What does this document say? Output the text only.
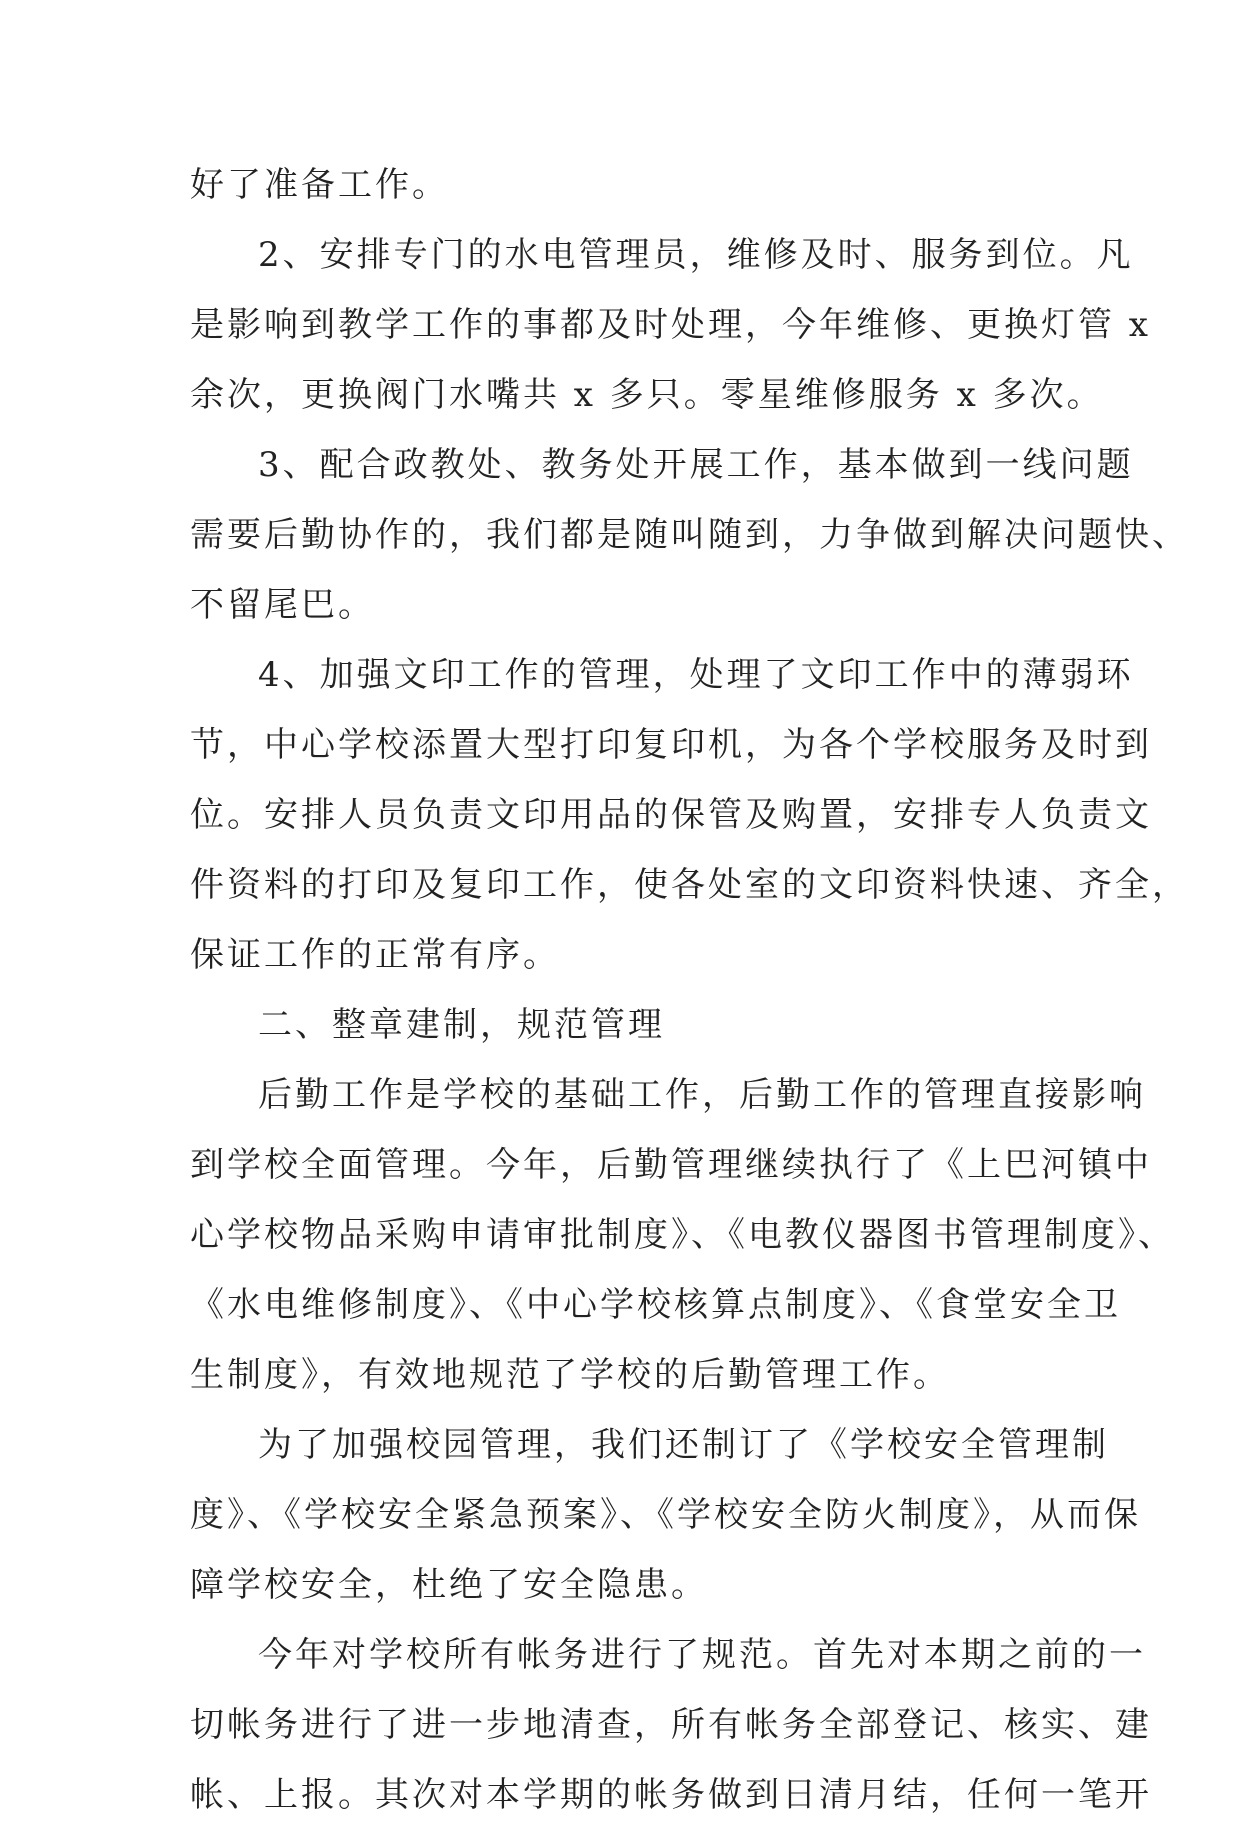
好了准备工作。
2、安排专门的水电管理员，维修及时、服务到位。凡
是影响到教学工作的事都及时处理，今年维修、更换灯管 x
余次，更换阀门水嘴共 x 多只。零星维修服务 x 多次。
3、配合政教处、教务处开展工作，基本做到一线问题
需要后勤协作的，我们都是随叫随到，力争做到解决问题快、
不留尾巴。
4、加强文印工作的管理，处理了文印工作中的薄弱环
节，中心学校添置大型打印复印机，为各个学校服务及时到
位。安排人员负责文印用品的保管及购置，安排专人负责文
件资料的打印及复印工作，使各处室的文印资料快速、齐全，
保证工作的正常有序。
二、整章建制，规范管理
后勤工作是学校的基础工作，后勤工作的管理直接影响
到学校全面管理。今年，后勤管理继续执行了《上巴河镇中
心学校物品采购申请审批制度》、《电教仪器图书管理制度》、
《水电维修制度》、《中心学校核算点制度》、《食堂安全卫
生制度》，有效地规范了学校的后勤管理工作。
为了加强校园管理，我们还制订了《学校安全管理制
度》、《学校安全紧急预案》、《学校安全防火制度》，从而保
障学校安全，杜绝了安全隐患。
今年对学校所有帐务进行了规范。首先对本期之前的一
切帐务进行了进一步地清查，所有帐务全部登记、核实、建
帐、上报。其次对本学期的帐务做到日清月结，任何一笔开
